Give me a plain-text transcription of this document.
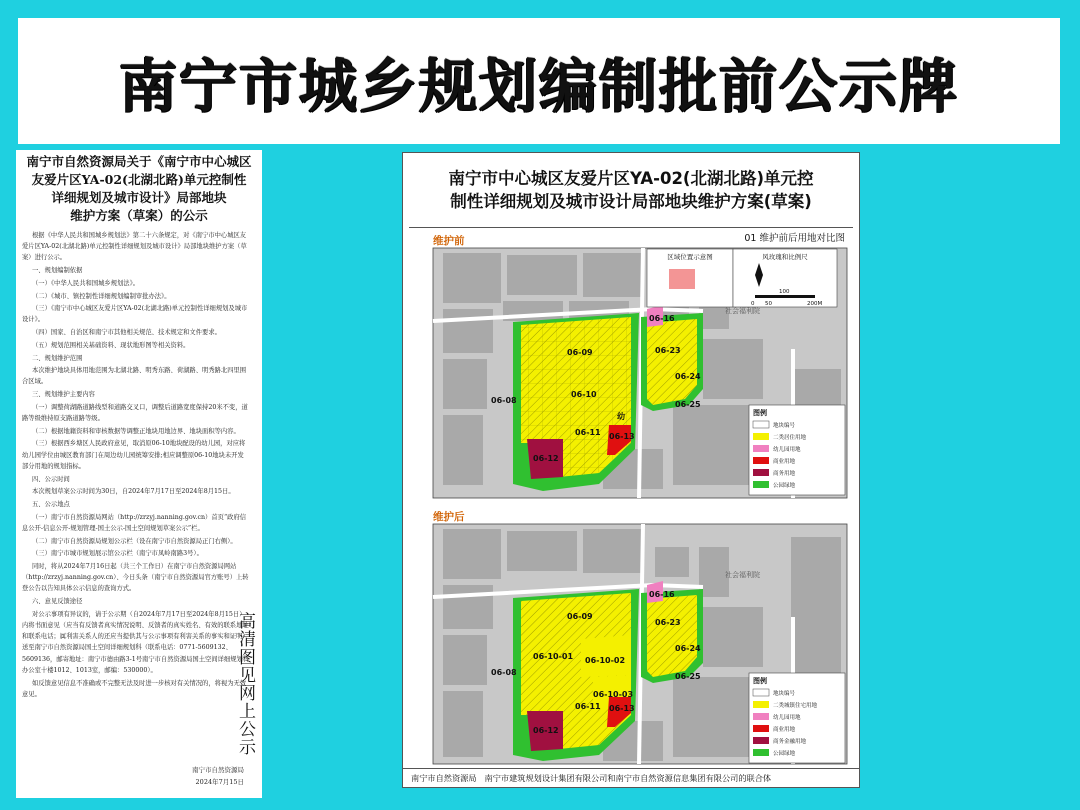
南宁市城乡规划编制批前公示牌
南宁市自然资源局关于《南宁市中心城区
友爱片区YA-02(北湖北路)单元控制性
详细规划及城市设计》局部地块
维护方案（草案）的公示

根据《中华人民共和国城乡规划法》第二十六条规定，对《南宁市中心城区友爱片区YA-02(北湖北路)单元控制性详细规划及城市设计》局部地块维护方案（草案）进行公示。

一、规划编制依据

（一）《中华人民共和国城乡规划法》。

（二）《城市、镇控制性详细规划编制审批办法》。

（三）《南宁市中心城区友爱片区YA-02(北湖北路)单元控制性详细规划及城市设计》。

（四）国家、自治区和南宁市其他相关规范、技术规定和文件要求。

（五）规划范围相关基础资料、现状地形图等相关资料。

二、规划维护范围

本次维护地块具体用地范围为北湖北路、明秀东路、荷湖路、明秀路北四里围合区域。

三、规划维护主要内容

（一）调整荷湖路道路线型和道路交叉口，调整后道路宽度保持20米不变，道路等级维持原支路道路等级。

（二）根据地籍资料和审核数据等调整正地块用地边界、地块面积等内容。

（三）根据西乡塘区人民政府意见，取消原06-10地块配设的幼儿园，对应将幼儿园学位由城区教育部门在周边幼儿园统筹安排;相应调整原06-10地块未开发部分用地的规划指标。

四、公示时间

本次规划草案公示时间为30日，自2024年7月17日至2024年8月15日。

五、公示地点

（一）南宁市自然资源局网站（http://zrzyj.nanning.gov.cn）首页“政府信息公开-信息公开-规划管理-国土公示-国土空间规划草案公示”栏。

（二）南宁市自然资源局规划公示栏（设在南宁市自然资源局正门右侧）。

（三）南宁市城市规划展示馆公示栏（南宁市凤岭南路3号）。

同时，将从2024年7月16日起（共三个工作日）在南宁市自然资源局网站（http://zrzyj.nanning.gov.cn）、今日头条（南宁市自然资源局官方账号）上转登公告以告知具体公示信息的查询方式。

六、意见反馈途径

对公示事项有异议的，请于公示期（自2024年7月17日至2024年8月15日）内将书面意见（应当有反馈者真实情况说明、反馈者的真实姓名、有效的联系地址和联系电话；属利害关系人的还应当提供其与公示事项有利害关系的事实和证明）送至南宁市自然资源局国土空间详细规划科（联系电话：0771-5609132、5609136，邮寄地址：南宁市德由路3-1号南宁市自然资源局国土空间详细规划科办公室十楼1012、1013室，邮编：530000）。

如反馈意见信息不准确或不完整无法及时进一步核对有关情况的，将视为无效意见。

南宁市自然资源局
2024年7月15日
高清图见网上公示
南宁市中心城区友爱片区YA-02(北湖北路)单元控
制性详细规划及城市设计局部地块维护方案(草案)
01 维护前后用地对比图
维护前
06-09
06-10
06-11
06-12
06-13
06-08
06-16
06-23
06-24
06-25
幼
社会福利院
区域位置示意图	风玫瑰和比例尺
0 50
100
200M
图例
地块编号
二类居住用地
幼儿园用地
商业用地
商务用地
公园绿地
维护后
06-09
06-10-01 06-10-02
06-10-03
06-11
06-12
06-13
06-08
06-16
06-23
06-24
06-25
社会福利院
图例
地块编号
二类城镇住宅用地
幼儿园用地
商业用地
商务金融用地
公园绿地
南宁市自然资源局 南宁市建筑规划设计集团有限公司和南宁市自然资源信息集团有限公司的联合体
